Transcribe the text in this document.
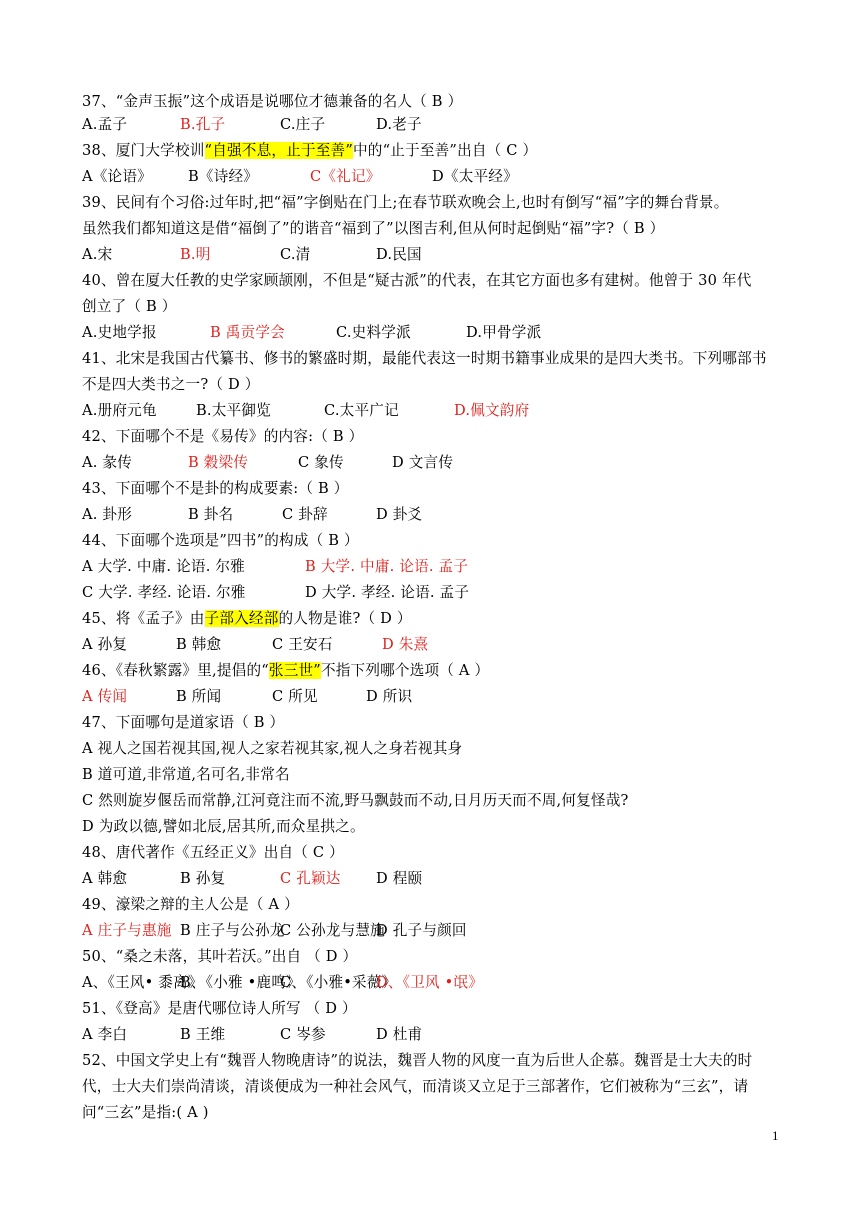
37、“金声玉振”这个成语是说哪位才德兼备的名人（ B ）
A.孟子	B.孔子	C.庄子	D.老子
38、厦门大学校训“自强不息，止于至善”中的“止于至善”出自（ C ）
A《论语》 B《诗经》	C《礼记》	D《太平经》
39、民间有个习俗:过年时,把“福”字倒贴在门上;在春节联欢晚会上,也时有倒写“福”字的舞台背景。
虽然我们都知道这是借“福倒了”的谐音“福到了”以图吉利,但从何时起倒贴“福”字?（ B ）
A.宋	B.明	C.清	D.民国
40、曾在厦大任教的史学家顾颉刚，不但是“疑古派”的代表，在其它方面也多有建树。他曾于 30 年代
创立了（ B ）
A.史地学报	B 禹贡学会	C.史料学派	D.甲骨学派
41、北宋是我国古代纂书、修书的繁盛时期，最能代表这一时期书籍事业成果的是四大类书。下列哪部书
不是四大类书之一?（ D ）
A.册府元龟	B.太平御览	C.太平广记	D.佩文韵府
42、下面哪个不是《易传》的内容:（ B ）
A. 彖传	B 穀梁传	C 象传	D 文言传
43、下面哪个不是卦的构成要素:（ B ）
A. 卦形	B 卦名	C 卦辞	D 卦爻
44、下面哪个选项是”四书”的构成（ B ）
A 大学. 中庸. 论语. 尔雅	B 大学. 中庸. 论语. 孟子
C 大学. 孝经. 论语. 尔雅	D 大学. 孝经. 论语. 孟子
45、将《孟子》由子部入经部的人物是谁?（ D ）
A 孙复	B 韩愈	C 王安石	D 朱熹
46、《春秋繁露》里,提倡的“张三世”不指下列哪个选项（ A ）
A 传闻	B 所闻	C 所见	D 所识
47、下面哪句是道家语（ B ）
A 视人之国若视其国,视人之家若视其家,视人之身若视其身
B 道可道,非常道,名可名,非常名
C 然则旋岁偃岳而常静,江河竟注而不流,野马飘鼓而不动,日月历天而不周,何复怪哉?
D 为政以德,譬如北辰,居其所,而众星拱之。
48、唐代著作《五经正义》出自（ C ）
A 韩愈	B 孙复	C 孔颖达 D 程颐
49、濠梁之辩的主人公是（ A ）
A 庄子与惠施 B 庄子与公孙龙
C 公孙龙与慧施
D 孔子与颜回
50、“桑之未落，其叶若沃。”出自 （ D ）
A、《王风• 黍离》
B、《小雅 •鹿鸣》
C、《小雅•采薇》
D、《卫风 •氓》
51、《登高》是唐代哪位诗人所写 （ D ）
A 李白	B 王维	C 岑参	D 杜甫
52、中国文学史上有“魏晋人物晚唐诗”的说法，魏晋人物的风度一直为后世人企慕。魏晋是士大夫的时
代，士大夫们崇尚清谈，清谈便成为一种社会风气，而清谈又立足于三部著作，它们被称为“三玄”，请
问“三玄”是指:( A )
1
